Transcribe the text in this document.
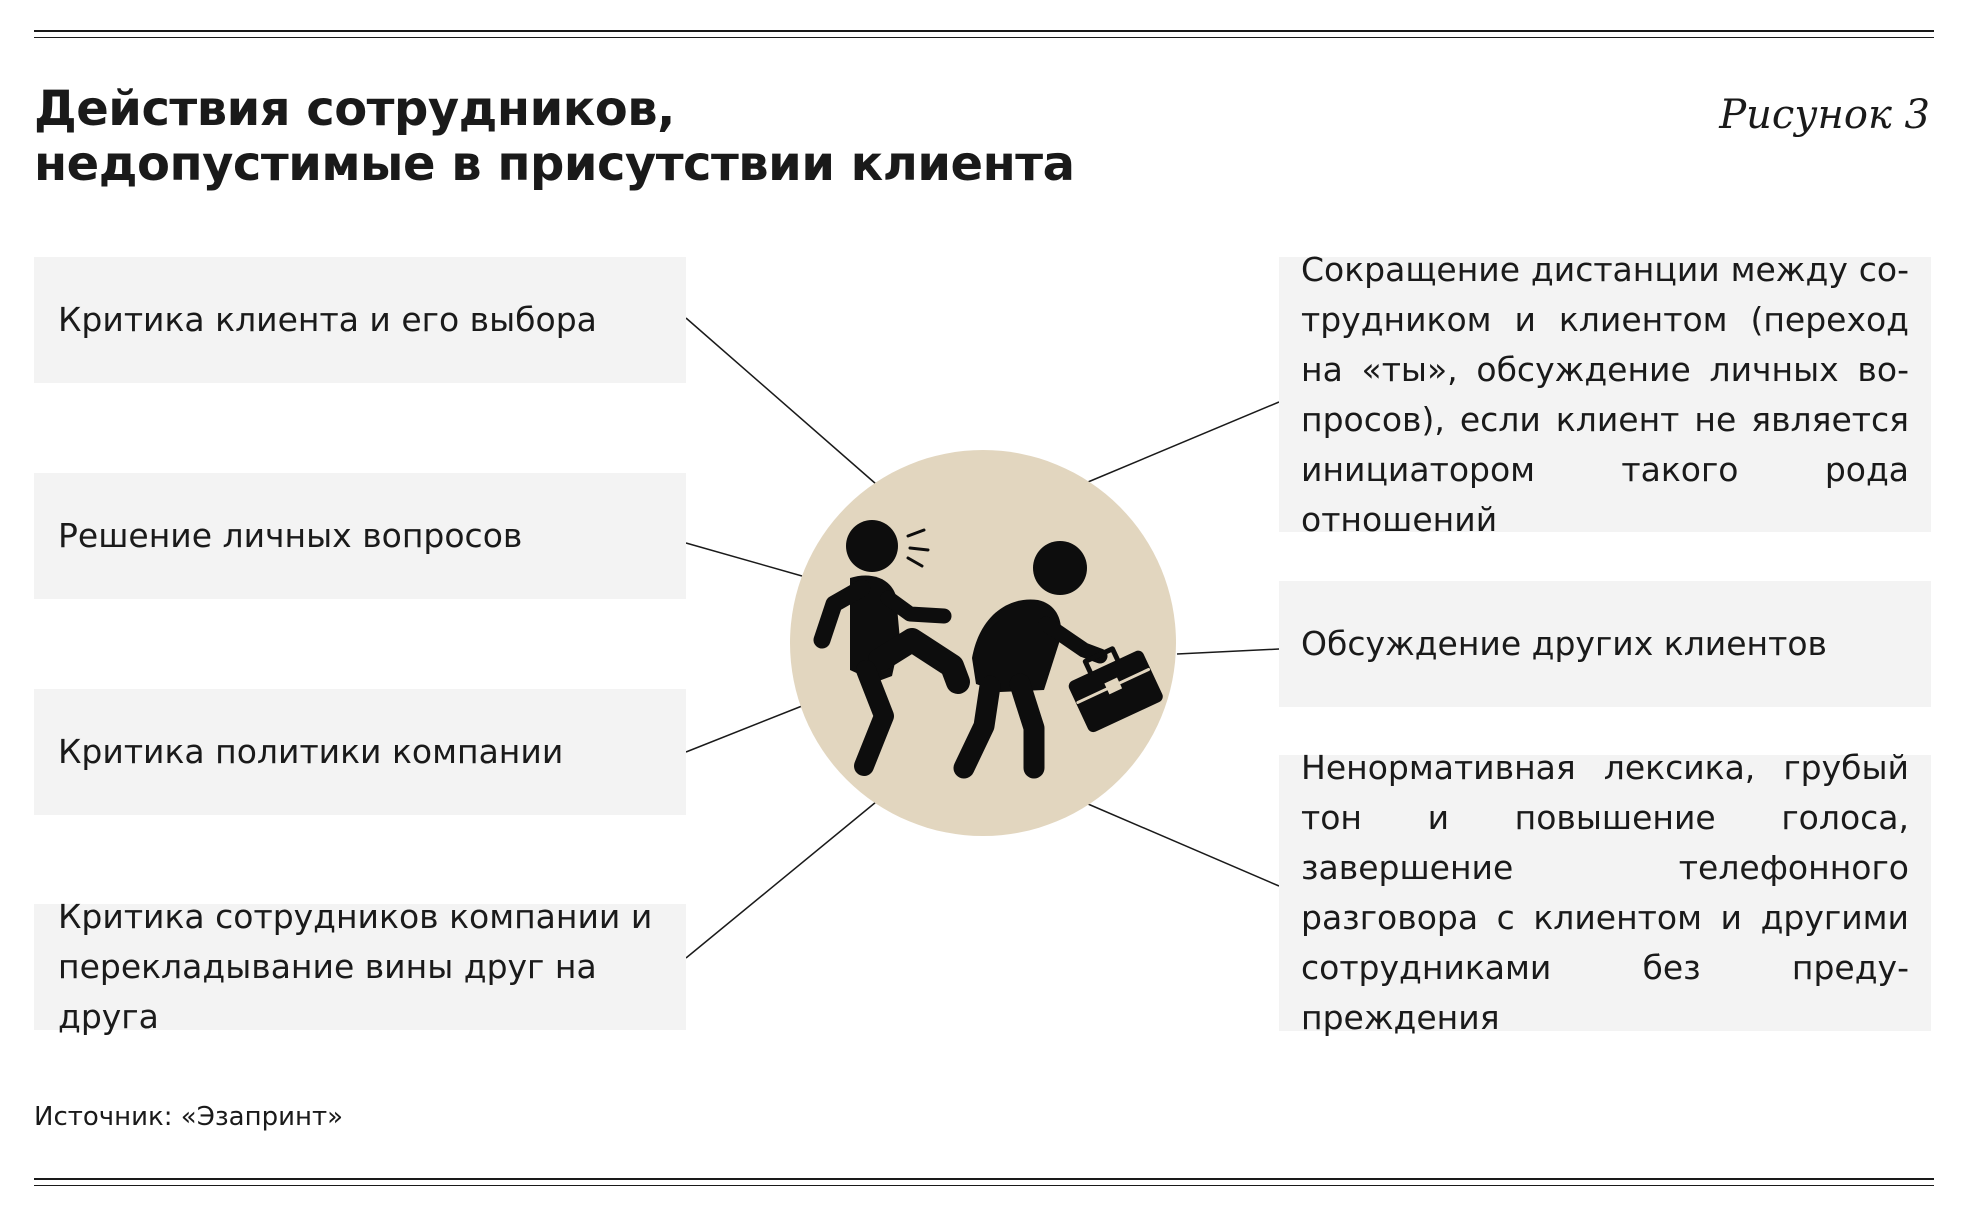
Действия сотрудников,
недопустимые в присутствии клиента
Рисунок 3
Критика клиента и его выбора
Решение личных вопросов
Критика политики компании
Критика сотрудников компании и перекладывание вины друг на друга
Сокращение дистанции между сотрудником и клиентом (переход на «ты», обсуждение личных вопросов), если клиент не является инициатором такого рода отношений
Обсуждение других клиентов
Ненормативная лексика, грубый тон и повышение голоса, завершение телефонного разговора с клиентом и другими сотрудниками без предупреждения
Источник: «Эзапринт»
